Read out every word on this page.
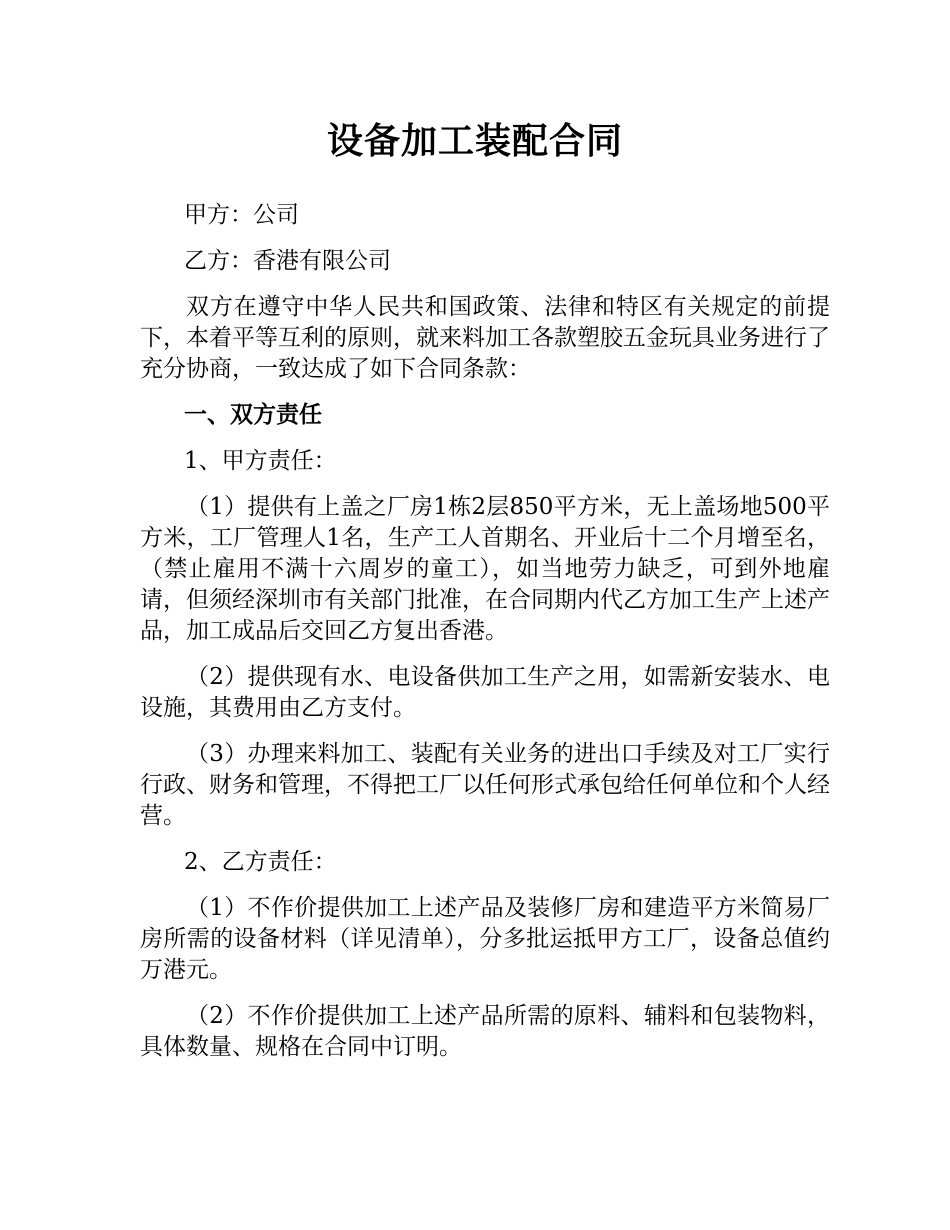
设备加工装配合同

甲方：公司

乙方：香港有限公司

双方在遵守中华人民共和国政策、法律和特区有关规定的前提下，本着平等互利的原则，就来料加工各款塑胶五金玩具业务进行了充分协商，一致达成了如下合同条款：

一、双方责任

1、甲方责任：

（1）提供有上盖之厂房1栋2层850平方米，无上盖场地500平方米，工厂管理人1名，生产工人首期名、开业后十二个月增至名，（禁止雇用不满十六周岁的童工），如当地劳力缺乏，可到外地雇请，但须经深圳市有关部门批准，在合同期内代乙方加工生产上述产品，加工成品后交回乙方复出香港。

（2）提供现有水、电设备供加工生产之用，如需新安装水、电设施，其费用由乙方支付。

（3）办理来料加工、装配有关业务的进出口手续及对工厂实行行政、财务和管理，不得把工厂以任何形式承包给任何单位和个人经营。

2、乙方责任：

（1）不作价提供加工上述产品及装修厂房和建造平方米简易厂房所需的设备材料（详见清单），分多批运抵甲方工厂，设备总值约万港元。

（2）不作价提供加工上述产品所需的原料、辅料和包装物料，具体数量、规格在合同中订明。
